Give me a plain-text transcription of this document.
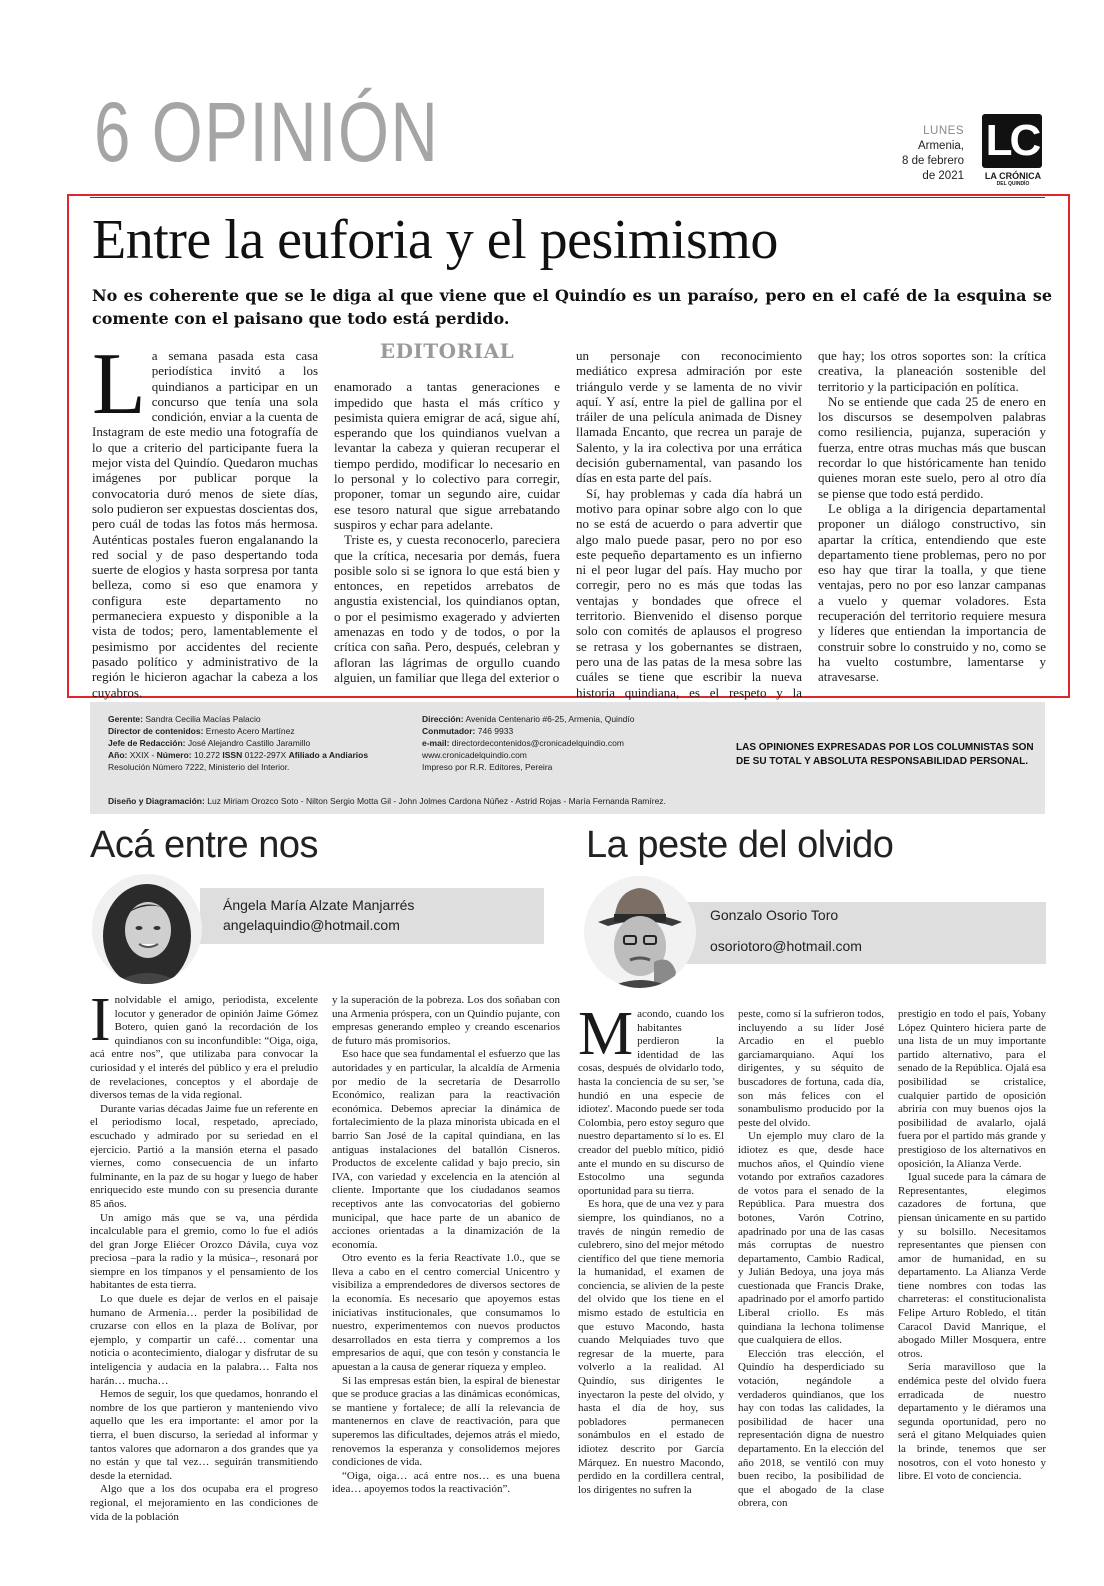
6 OPINIÓN	LUNES
Armenia,
8 de febrero
de 2021
LC
LA CRÓNICA
DEL QUINDÍO
Entre la euforia y el pesimismo
No es coherente que se le diga al que viene que el Quindío es un paraíso, pero en el café de la esquina se comente con el paisano que todo está perdido.
L a semana pasada esta casa periodística invitó a los quindianos a participar en un concurso que tenía una sola condición, enviar a la cuenta de Instagram de este medio una fotografía de lo que a criterio del participante fuera la mejor vista del Quindío. Quedaron muchas imágenes por publicar porque la convocatoria duró menos de siete días, solo pudieron ser expuestas doscientas dos, pero cuál de todas las fotos más hermosa. Auténticas postales fueron engalanando la red social y de paso despertando toda suerte de elogios y hasta sorpresa por tanta belleza, como si eso que enamora y configura este departamento no permaneciera expuesto y disponible a la vista de todos; pero, lamentablemente el pesimismo por accidentes del reciente pasado político y administrativo de la región le hicieron agachar la cabeza a los cuyabros.

EDITORIAL

enamorado a tantas generaciones e impedido que hasta el más crítico y pesimista quiera emigrar de acá, sigue ahí, esperando que los quindianos vuelvan a levantar la cabeza y quieran recuperar el tiempo perdido, modificar lo necesario en lo personal y lo colectivo para corregir, proponer, tomar un segundo aire, cuidar ese tesoro natural que sigue arrebatando suspiros y echar para adelante.

Triste es, y cuesta reconocerlo, pareciera que la crítica, necesaria por demás, fuera posible solo si se ignora lo que está bien y entonces, en repetidos arrebatos de angustia existencial, los quindianos optan, o por el pesimismo exagerado y advierten amenazas en todo y de todos, o por la crítica con saña. Pero, después, celebran y afloran las lágrimas de orgullo cuando alguien, un familiar que llega del exterior o

un personaje con reconocimiento mediático expresa admiración por este triángulo verde y se lamenta de no vivir aquí. Y así, entre la piel de gallina por el tráiler de una película animada de Disney llamada Encanto, que recrea un paraje de Salento, y la ira colectiva por una errática decisión gubernamental, van pasando los días en esta parte del país.

Sí, hay problemas y cada día habrá un motivo para opinar sobre algo con lo que no se está de acuerdo o para advertir que algo malo puede pasar, pero no por eso este pequeño departamento es un infierno ni el peor lugar del país. Hay mucho por corregir, pero no es más que todas las ventajas y bondades que ofrece el territorio. Bienvenido el disenso porque solo con comités de aplausos el progreso se retrasa y los gobernantes se distraen, pero una de las patas de la mesa sobre las cuáles se tiene que escribir la nueva historia quindiana, es el respeto y la

que hay; los otros soportes son: la crítica creativa, la planeación sostenible del territorio y la participación en política.

No se entiende que cada 25 de enero en los discursos se desempolven palabras como resiliencia, pujanza, superación y fuerza, entre otras muchas más que buscan recordar lo que históricamente han tenido quienes moran este suelo, pero al otro día se piense que todo está perdido.

Le obliga a la dirigencia departamental proponer un diálogo constructivo, sin apartar la crítica, entendiendo que este departamento tiene problemas, pero no por eso hay que tirar la toalla, y que tiene ventajas, pero no por eso lanzar campanas a vuelo y quemar voladores. Esta recuperación del territorio requiere mesura y líderes que entiendan la importancia de construir sobre lo construido y no, como se ha vuelto costumbre, lamentarse y atravesarse.

Gerente: Sandra Cecilia Macías Palacio
Director de contenidos: Ernesto Acero Martínez
Jefe de Redacción: José Alejandro Castillo Jaramillo
Año: XXIX - Número: 10.272 ISSN 0122-297X Afiliado a Andiarios
Resolución Número 7222, Ministerio del Interior.
Dirección: Avenida Centenario #6-25, Armenia, Quindío
Conmutador: 746 9933
e-mail: directordecontenidos@cronicadelquindio.com
www.cronicadelquindio.com
Impreso por R.R. Editores, Pereira
LAS OPINIONES EXPRESADAS POR LOS COLUMNISTAS SON DE SU TOTAL Y ABSOLUTA RESPONSABILIDAD PERSONAL.
Diseño y Diagramación: Luz Miriam Orozco Soto - Nilton Sergio Motta Gil - John Jolmes Cardona Núñez - Astrid Rojas - María Fernanda Ramírez.
Acá entre nos
Ángela María Alzate Manjarrés
angelaquindio@hotmail.com
I nolvidable el amigo, periodista, excelente locutor y generador de opinión Jaime Gómez Botero, quien ganó la recordación de los quindianos con su inconfundible: “Oiga, oiga, acá entre nos”, que utilizaba para convocar la curiosidad y el interés del público y era el preludio de revelaciones, conceptos y el abordaje de diversos temas de la vida regional.

Durante varias décadas Jaime fue un referente en el periodismo local, respetado, apreciado, escuchado y admirado por su seriedad en el ejercicio. Partió a la mansión eterna el pasado viernes, como consecuencia de un infarto fulminante, en la paz de su hogar y luego de haber enriquecido este mundo con su presencia durante 85 años.

Un amigo más que se va, una pérdida incalculable para el gremio, como lo fue el adiós del gran Jorge Eliécer Orozco Dávila, cuya voz preciosa –para la radio y la música–, resonará por siempre en los tímpanos y el pensamiento de los habitantes de esta tierra.

Lo que duele es dejar de verlos en el paisaje humano de Armenia… perder la posibilidad de cruzarse con ellos en la plaza de Bolívar, por ejemplo, y compartir un café… comentar una noticia o acontecimiento, dialogar y disfrutar de su inteligencia y audacia en la palabra… Falta nos harán… mucha…

Hemos de seguir, los que quedamos, honrando el nombre de los que partieron y manteniendo vivo aquello que les era importante: el amor por la tierra, el buen discurso, la seriedad al informar y tantos valores que adornaron a dos grandes que ya no están y que tal vez… seguirán transmitiendo desde la eternidad.

Algo que a los dos ocupaba era el progreso regional, el mejoramiento en las condiciones de vida de la población

y la superación de la pobreza. Los dos soñaban con una Armenia próspera, con un Quindío pujante, con empresas generando empleo y creando escenarios de futuro más promisorios.

Eso hace que sea fundamental el esfuerzo que las autoridades y en particular, la alcaldía de Armenia por medio de la secretaría de Desarrollo Económico, realizan para la reactivación económica. Debemos apreciar la dinámica de fortalecimiento de la plaza minorista ubicada en el barrio San José de la capital quindiana, en las antiguas instalaciones del batallón Cisneros. Productos de excelente calidad y bajo precio, sin IVA, con variedad y excelencia en la atención al cliente. Importante que los ciudadanos seamos receptivos ante las convocatorias del gobierno municipal, que hace parte de un abanico de acciones orientadas a la dinamización de la economía.

Otro evento es la feria Reactívate 1.0., que se lleva a cabo en el centro comercial Unicentro y visibiliza a emprendedores de diversos sectores de la economía. Es necesario que apoyemos estas iniciativas institucionales, que consumamos lo nuestro, experimentemos con nuevos productos desarrollados en esta tierra y compremos a los empresarios de aquí, que con tesón y constancia le apuestan a la causa de generar riqueza y empleo.

Si las empresas están bien, la espiral de bienestar que se produce gracias a las dinámicas económicas, se mantiene y fortalece; de allí la relevancia de mantenernos en clave de reactivación, para que superemos las dificultades, dejemos atrás el miedo, renovemos la esperanza y consolidemos mejores condiciones de vida.

“Oiga, oiga… acá entre nos… es una buena idea… apoyemos todos la reactivación”.

La peste del olvido
Gonzalo Osorio Toro
osoriotoro@hotmail.com
M acondo, cuando los habitantes perdieron la identidad de las cosas, después de olvidarlo todo, hasta la conciencia de su ser, 'se hundió en una especie de idiotez'. Macondo puede ser toda Colombia, pero estoy seguro que nuestro departamento sí lo es. El creador del pueblo mítico, pidió ante el mundo en su discurso de Estocolmo una segunda oportunidad para su tierra.

Es hora, que de una vez y para siempre, los quindianos, no a través de ningún remedio de culebrero, sino del mejor método científico del que tiene memoria la humanidad, el examen de conciencia, se alivien de la peste del olvido que los tiene en el mismo estado de estulticia en que estuvo Macondo, hasta cuando Melquiades tuvo que regresar de la muerte, para volverlo a la realidad. Al Quindío, sus dirigentes le inyectaron la peste del olvido, y hasta el día de hoy, sus pobladores permanecen sonámbulos en el estado de idiotez descrito por García Márquez. En nuestro Macondo, perdido en la cordillera central, los dirigentes no sufren la

peste, como sí la sufrieron todos, incluyendo a su líder José Arcadio en el pueblo garciamarquiano. Aquí los dirigentes, y su séquito de buscadores de fortuna, cada día, son más felices con el sonambulismo producido por la peste del olvido.

Un ejemplo muy claro de la idiotez es que, desde hace muchos años, el Quindío viene votando por extraños cazadores de votos para el senado de la República. Para muestra dos botones, Varón Cotrino, apadrinado por una de las casas más corruptas de nuestro departamento, Cambio Radical, y Julián Bedoya, una joya más cuestionada que Francis Drake, apadrinado por el amorfo partido Liberal criollo. Es más quindiana la lechona tolimense que cualquiera de ellos.

Elección tras elección, el Quindío ha desperdiciado su votación, negándole a verdaderos quindianos, que los hay con todas las calidades, la posibilidad de hacer una representación digna de nuestro departamento. En la elección del año 2018, se ventiló con muy buen recibo, la posibilidad de que el abogado de la clase obrera, con

prestigio en todo el país, Yobany López Quintero hiciera parte de una lista de un muy importante partido alternativo, para el senado de la República. Ojalá esa posibilidad se cristalice, cualquier partido de oposición abriría con muy buenos ojos la posibilidad de avalarlo, ojalá fuera por el partido más grande y prestigioso de los alternativos en oposición, la Alianza Verde.

Igual sucede para la cámara de Representantes, elegimos cazadores de fortuna, que piensan únicamente en su partido y su bolsillo. Necesitamos representantes que piensen con amor de humanidad, en su departamento. La Alianza Verde tiene nombres con todas las charreteras: el constitucionalista Felipe Arturo Robledo, el titán Caracol David Manrique, el abogado Miller Mosquera, entre otros.

Sería maravilloso que la endémica peste del olvido fuera erradicada de nuestro departamento y le diéramos una segunda oportunidad, pero no será el gitano Melquiades quien la brinde, tenemos que ser nosotros, con el voto honesto y libre. El voto de conciencia.
